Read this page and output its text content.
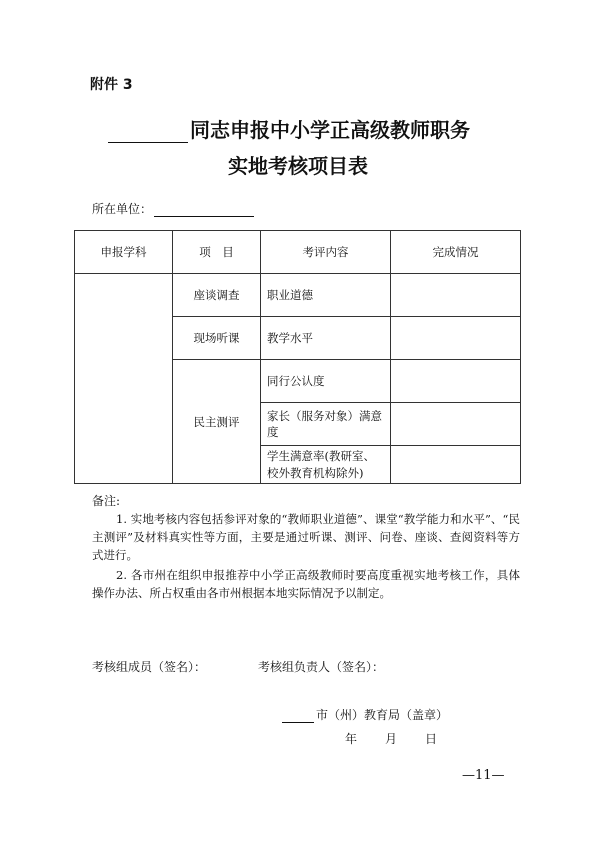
附件 3
同志申报中小学正高级教师职务
实地考核项目表
所在单位：
申报学科	项　目	考评内容	完成情况
	座谈调查	职业道德	
	现场听课	教学水平	
	民主测评	同行公认度	
		家长（服务对象）满意度	
		学生满意率(教研室、校外教育机构除外)	
备注:
1. 实地考核内容包括参评对象的“教师职业道德”、课堂“教学能力和水平”、“民主测评”及材料真实性等方面，主要是通过听课、测评、问卷、座谈、查阅资料等方式进行。
2. 各市州在组织申报推荐中小学正高级教师时要高度重视实地考核工作，具体操作办法、所占权重由各市州根据本地实际情况予以制定。
考核组成员（签名）：	考核组负责人（签名）：
市（州）教育局（盖章）
年 月 日
—11—
